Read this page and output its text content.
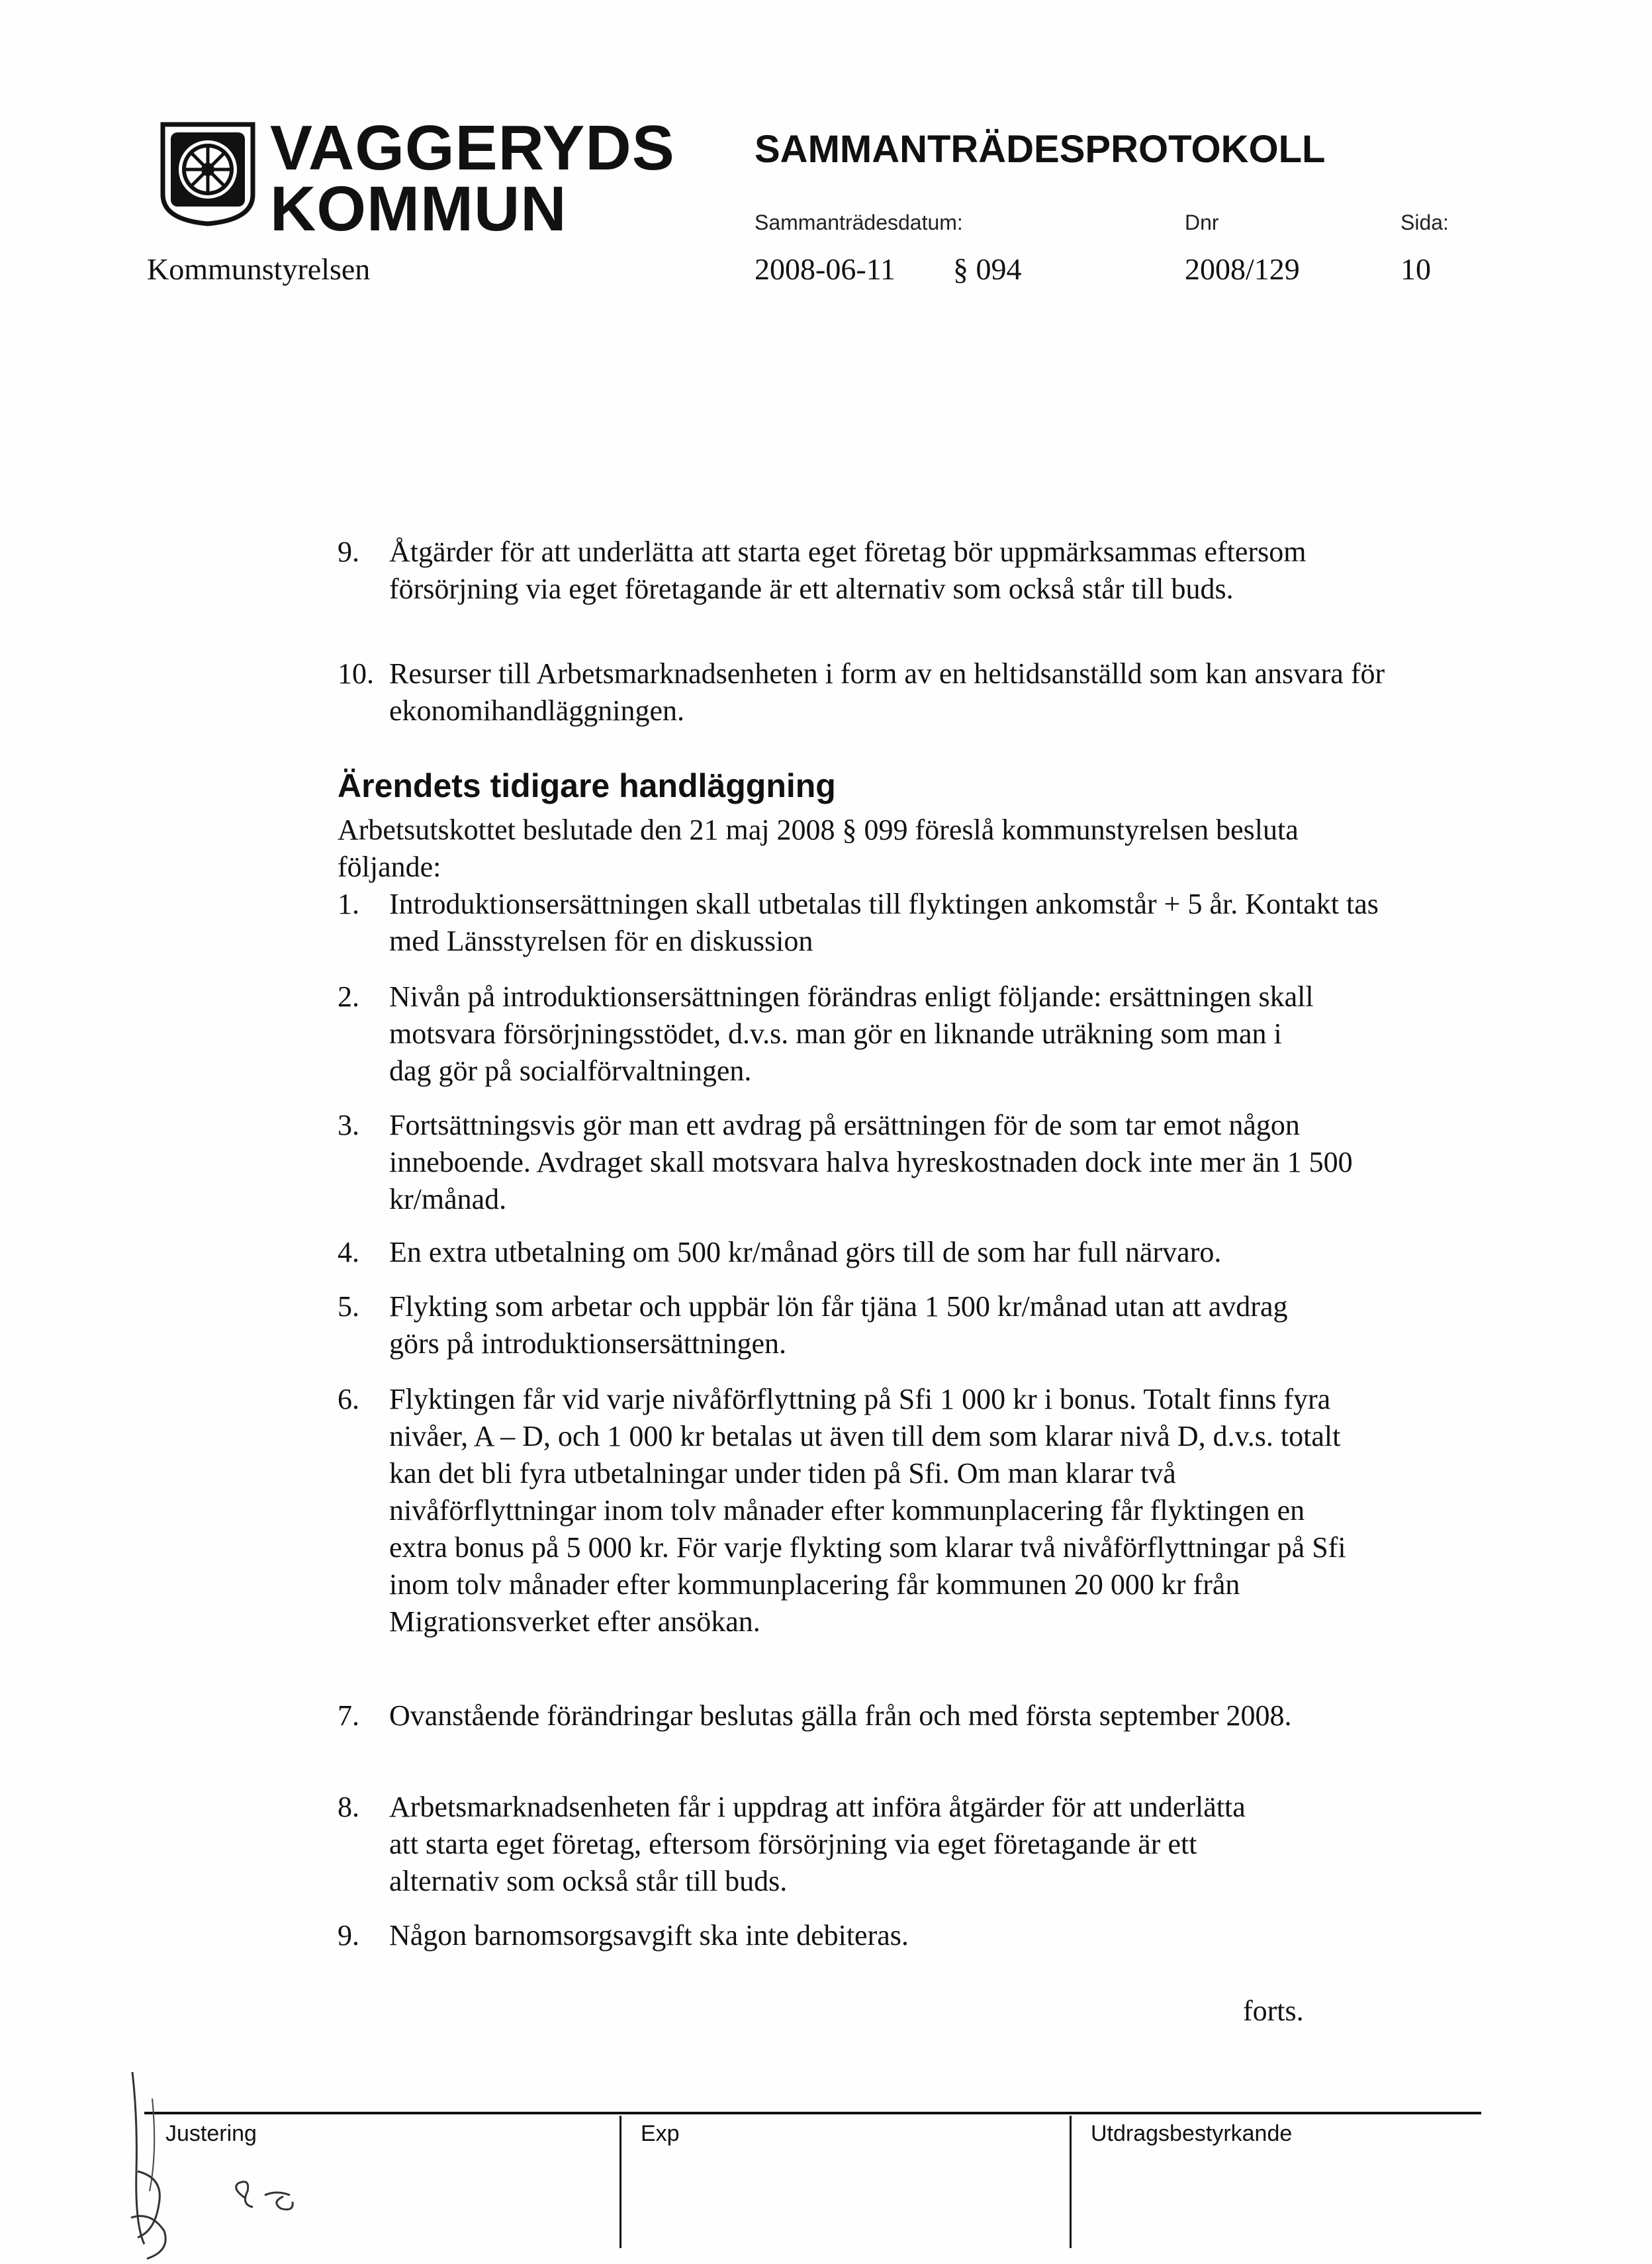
VAGGERYDS
KOMMUN
SAMMANTRÄDESPROTOKOLL
Sammanträdesdatum:	Dnr	Sida:
Kommunstyrelsen	2008-06-11 § 094	2008/129	10
9. Åtgärder för att underlätta att starta eget företag bör uppmärksammas eftersom försörjning via eget företagande är ett alternativ som också står till buds.
10. Resurser till Arbetsmarknadsenheten i form av en heltidsanställd som kan ansvara för ekonomihandläggningen.
Ärendets tidigare handläggning
Arbetsutskottet beslutade den 21 maj 2008 § 099 föreslå kommunstyrelsen besluta följande:
1. Introduktionsersättningen skall utbetalas till flyktingen ankomstår + 5 år. Kontakt tas med Länsstyrelsen för en diskussion
2. Nivån på introduktionsersättningen förändras enligt följande: ersättningen skall motsvara försörjningsstödet, d.v.s. man gör en liknande uträkning som man i dag gör på socialförvaltningen.
3. Fortsättningsvis gör man ett avdrag på ersättningen för de som tar emot någon inneboende. Avdraget skall motsvara halva hyreskostnaden dock inte mer än 1 500 kr/månad.
4. En extra utbetalning om 500 kr/månad görs till de som har full närvaro.
5. Flykting som arbetar och uppbär lön får tjäna 1 500 kr/månad utan att avdrag görs på introduktionsersättningen.
6. Flyktingen får vid varje nivåförflyttning på Sfi 1 000 kr i bonus. Totalt finns fyra nivåer, A – D, och 1 000 kr betalas ut även till dem som klarar nivå D, d.v.s. totalt kan det bli fyra utbetalningar under tiden på Sfi. Om man klarar två nivåförflyttningar inom tolv månader efter kommunplacering får flyktingen en extra bonus på 5 000 kr. För varje flykting som klarar två nivåförflyttningar på Sfi inom tolv månader efter kommunplacering får kommunen 20 000 kr från Migrationsverket efter ansökan.
7. Ovanstående förändringar beslutas gälla från och med första september 2008.
8. Arbetsmarknadsenheten får i uppdrag att införa åtgärder för att underlätta att starta eget företag, eftersom försörjning via eget företagande är ett alternativ som också står till buds.
9. Någon barnomsorgsavgift ska inte debiteras.
forts.
Justering	Exp	Utdragsbestyrkande
